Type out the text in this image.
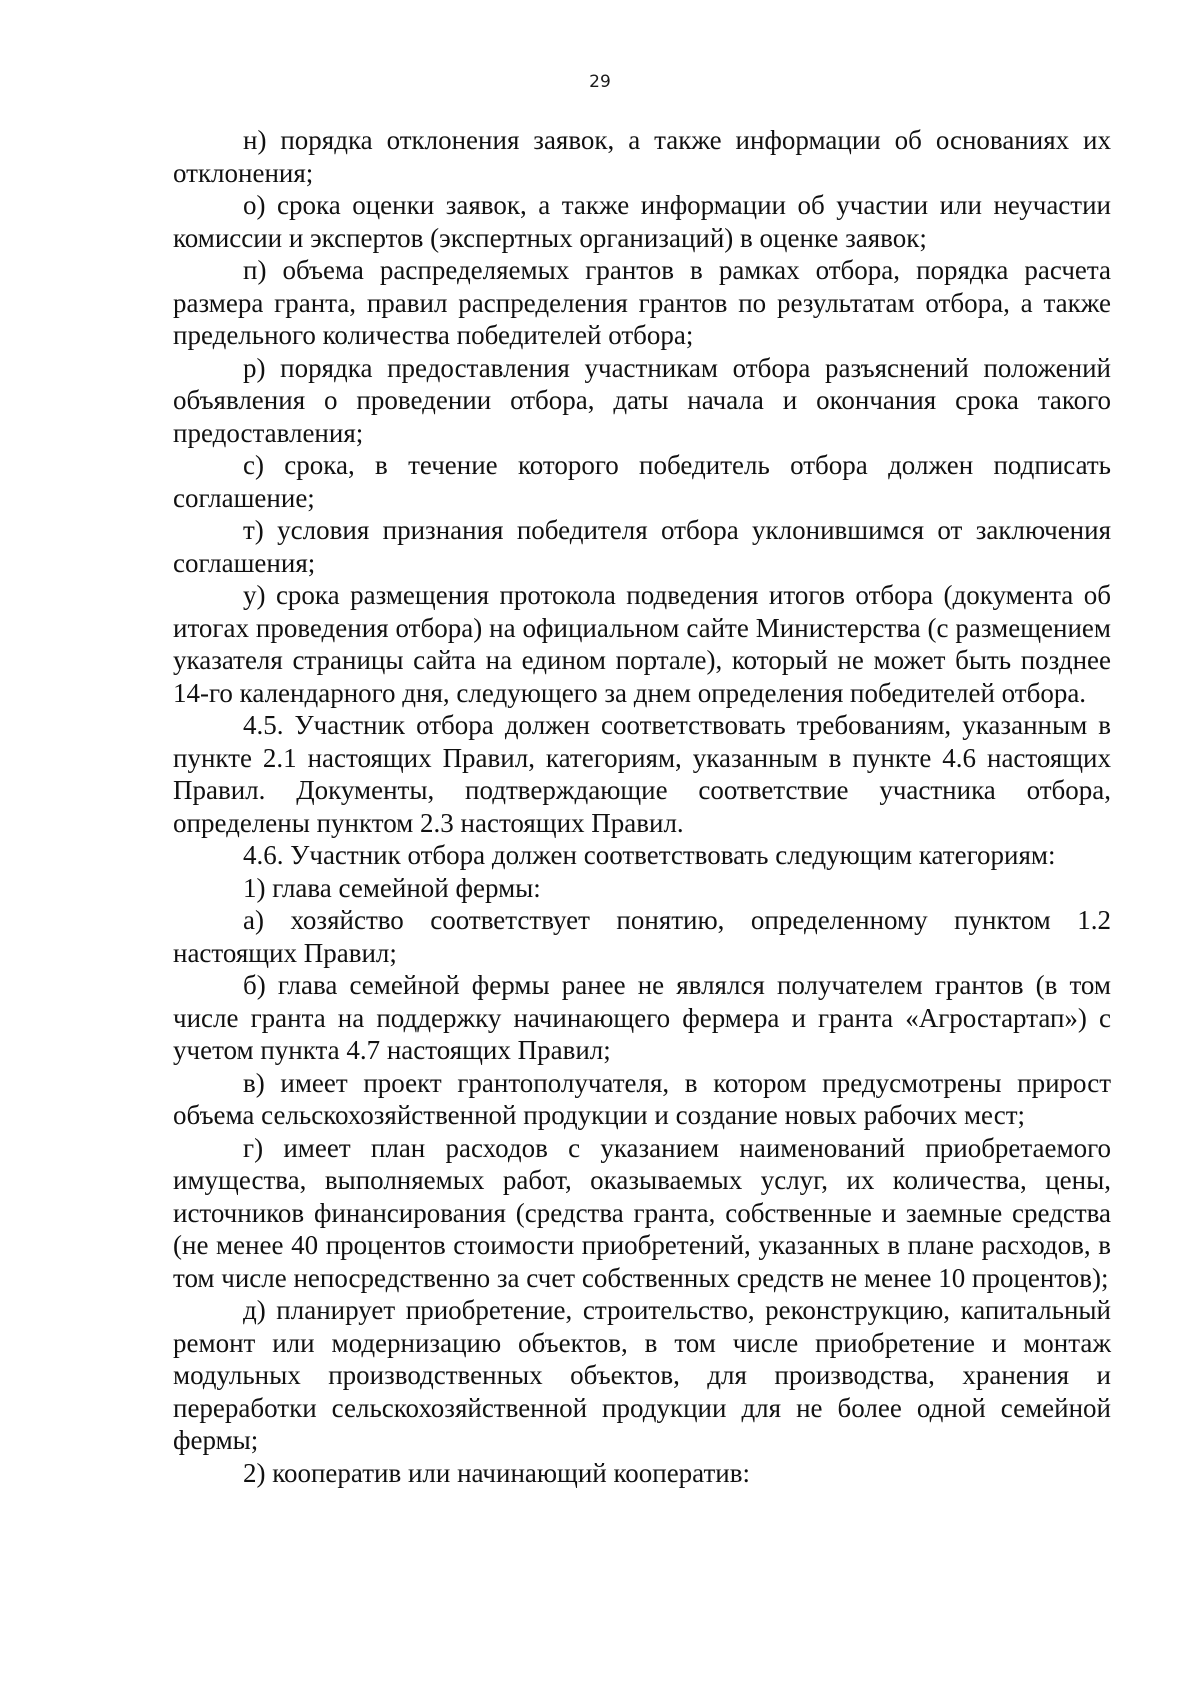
29

н) порядка отклонения заявок, а также информации об основаниях их отклонения;

о) срока оценки заявок, а также информации об участии или неучастии комиссии и экспертов (экспертных организаций) в оценке заявок;

п) объема распределяемых грантов в рамках отбора, порядка расчета размера гранта, правил распределения грантов по результатам отбора, а также предельного количества победителей отбора;

р) порядка предоставления участникам отбора разъяснений положений объявления о проведении отбора, даты начала и окончания срока такого предоставления;

с) срока, в течение которого победитель отбора должен подписать соглашение;

т) условия признания победителя отбора уклонившимся от заключения соглашения;

у) срока размещения протокола подведения итогов отбора (документа об итогах проведения отбора) на официальном сайте Министерства (с размещением указателя страницы сайта на едином портале), который не может быть позднее 14-го календарного дня, следующего за днем определения победителей отбора.

4.5. Участник отбора должен соответствовать требованиям, указанным в пункте 2.1 настоящих Правил, категориям, указанным в пункте 4.6 настоящих Правил. Документы, подтверждающие соответствие участника отбора, определены пунктом 2.3 настоящих Правил.

4.6. Участник отбора должен соответствовать следующим категориям:

1) глава семейной фермы:

а) хозяйство соответствует понятию, определенному пунктом 1.2 настоящих Правил;

б) глава семейной фермы ранее не являлся получателем грантов (в том числе гранта на поддержку начинающего фермера и гранта «Агростартап») с учетом пункта 4.7 настоящих Правил;

в) имеет проект грантополучателя, в котором предусмотрены прирост объема сельскохозяйственной продукции и создание новых рабочих мест;

г) имеет план расходов с указанием наименований приобретаемого имущества, выполняемых работ, оказываемых услуг, их количества, цены, источников финансирования (средства гранта, собственные и заемные средства (не менее 40 процентов стоимости приобретений, указанных в плане расходов, в том числе непосредственно за счет собственных средств не менее 10 процентов);

д) планирует приобретение, строительство, реконструкцию, капитальный ремонт или модернизацию объектов, в том числе приобретение и монтаж модульных производственных объектов, для производства, хранения и переработки сельскохозяйственной продукции для не более одной семейной фермы;

2) кооператив или начинающий кооператив:
